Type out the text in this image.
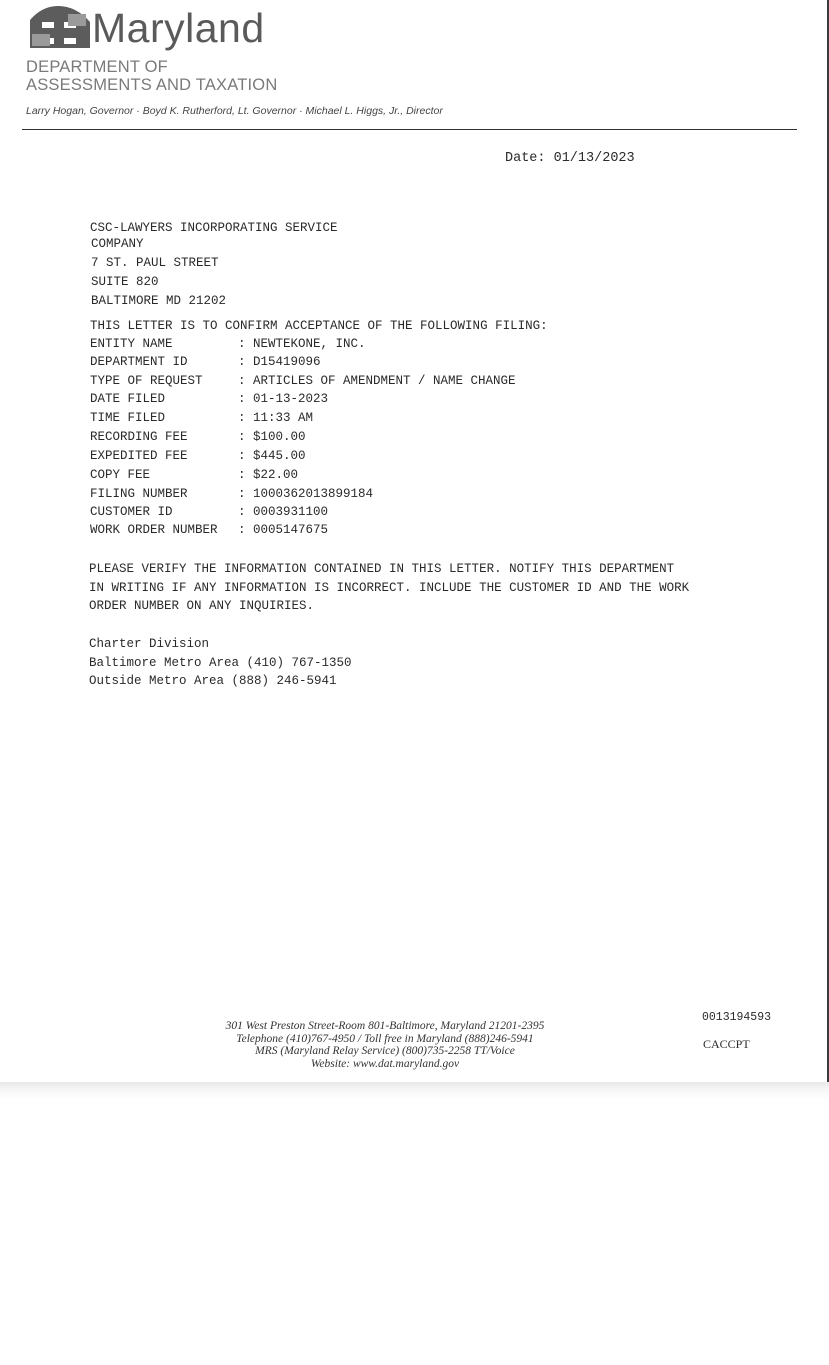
Maryland
DEPARTMENT OF
ASSESSMENTS AND TAXATION
Larry Hogan, Governor · Boyd K. Rutherford, Lt. Governor · Michael L. Higgs, Jr., Director
Date: 01/13/2023
CSC-LAWYERS INCORPORATING SERVICE
COMPANY
7 ST. PAUL STREET
SUITE 820
BALTIMORE MD 21202
THIS LETTER IS TO CONFIRM ACCEPTANCE OF THE FOLLOWING FILING:
ENTITY NAME	: NEWTEKONE, INC.
DEPARTMENT ID	: D15419096
TYPE OF REQUEST	: ARTICLES OF AMENDMENT / NAME CHANGE
DATE FILED	: 01-13-2023
TIME FILED	: 11:33 AM
RECORDING FEE	: $100.00
EXPEDITED FEE	: $445.00
COPY FEE	: $22.00
FILING NUMBER	: 1000362013899184
CUSTOMER ID	: 0003931100
WORK ORDER NUMBER : 0005147675
PLEASE VERIFY THE INFORMATION CONTAINED IN THIS LETTER. NOTIFY THIS DEPARTMENT
IN WRITING IF ANY INFORMATION IS INCORRECT. INCLUDE THE CUSTOMER ID AND THE WORK
ORDER NUMBER ON ANY INQUIRIES.
Charter Division
Baltimore Metro Area (410) 767-1350
Outside Metro Area (888) 246-5941
301 West Preston Street-Room 801-Baltimore, Maryland 21201-2395
Telephone (410)767-4950 / Toll free in Maryland (888)246-5941
MRS (Maryland Relay Service) (800)735-2258 TT/Voice
Website: www.dat.maryland.gov
0013194593
CACCPT
